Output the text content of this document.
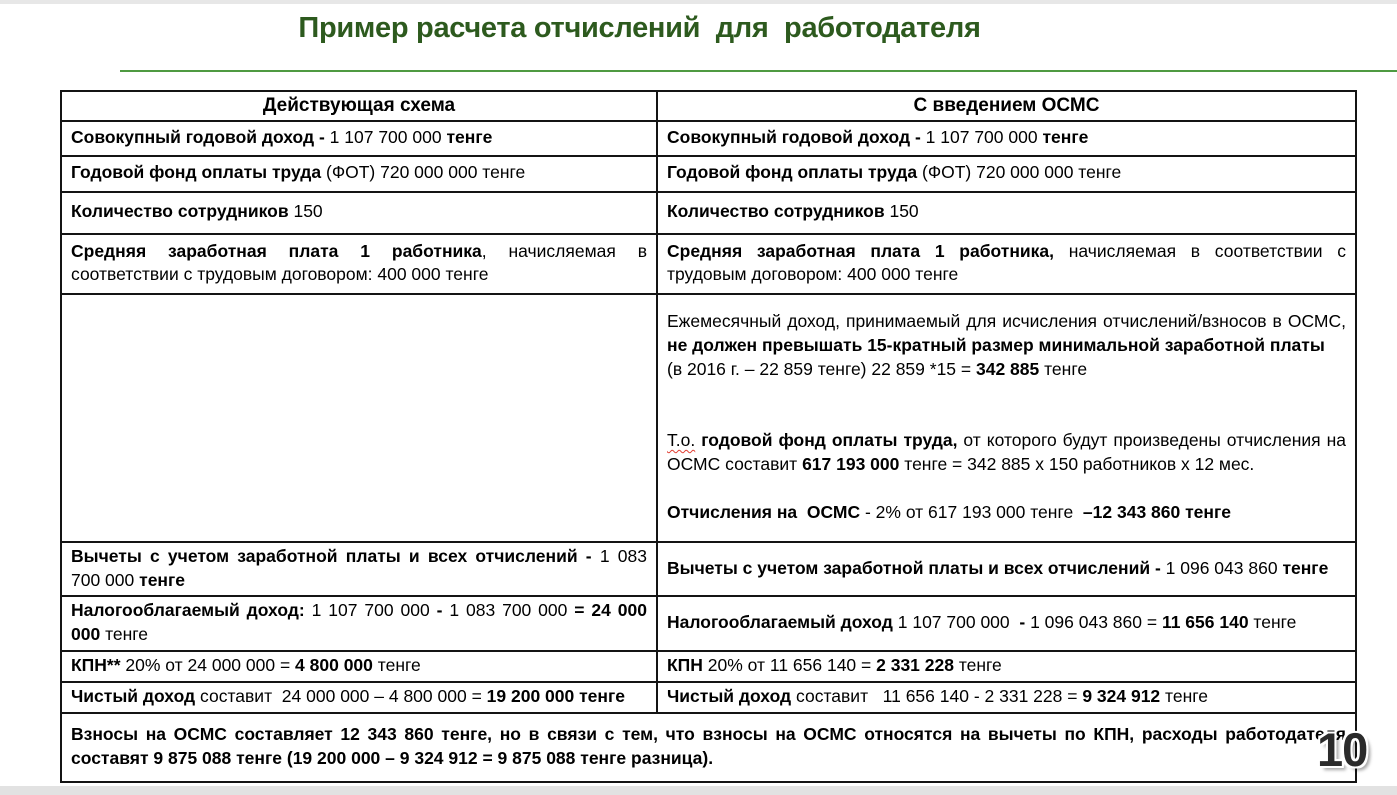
Пример расчета отчислений  для  работодателя
Действующая схема	С введением ОСМС

Совокупный годовой доход - 1 107 700 000 тенге	Совокупный годовой доход - 1 107 700 000 тенге

Годовой фонд оплаты труда (ФОТ) 720 000 000 тенге	Годовой фонд оплаты труда (ФОТ) 720 000 000 тенге

Количество сотрудников 150	Количество сотрудников 150

Средняя заработная плата 1 работника, начисляемая в соответствии с трудовым договором: 400 000 тенге	Средняя заработная плата 1 работника, начисляемая в соответствии с трудовым договором: 400 000 тенге

	Ежемесячный доход, принимаемый для исчисления отчислений/взносов в ОСМС, не должен превышать 15-кратный размер минимальной заработной платы
(в 2016 г. – 22 859 тенге) 22 859 *15 = 342 885 тенге

Т.о. годовой фонд оплаты труда, от которого будут произведены отчисления на ОСМС составит 617 193 000 тенге = 342 885 х 150 работников х 12 мес.

Отчисления на  ОСМС - 2% от 617 193 000 тенге  –12 343 860 тенге

Вычеты с учетом заработной платы и всех отчислений - 1 083 700 000 тенге	Вычеты с учетом заработной платы и всех отчислений - 1 096 043 860 тенге

Налогооблагаемый доход: 1 107 700 000 - 1 083 700 000 = 24 000 000 тенге	Налогооблагаемый доход 1 107 700 000  - 1 096 043 860 = 11 656 140 тенге

КПН** 20% от 24 000 000 = 4 800 000 тенге	КПН 20% от 11 656 140 = 2 331 228 тенге

Чистый доход составит  24 000 000 – 4 800 000 = 19 200 000 тенге	Чистый доход составит   11 656 140 - 2 331 228 = 9 324 912 тенге

Взносы на ОСМС составляет 12 343 860 тенге, но в связи с тем, что взносы на ОСМС относятся на вычеты по КПН, расходы работодателя составят 9 875 088 тенге (19 200 000 – 9 324 912 = 9 875 088 тенге разница).		10
